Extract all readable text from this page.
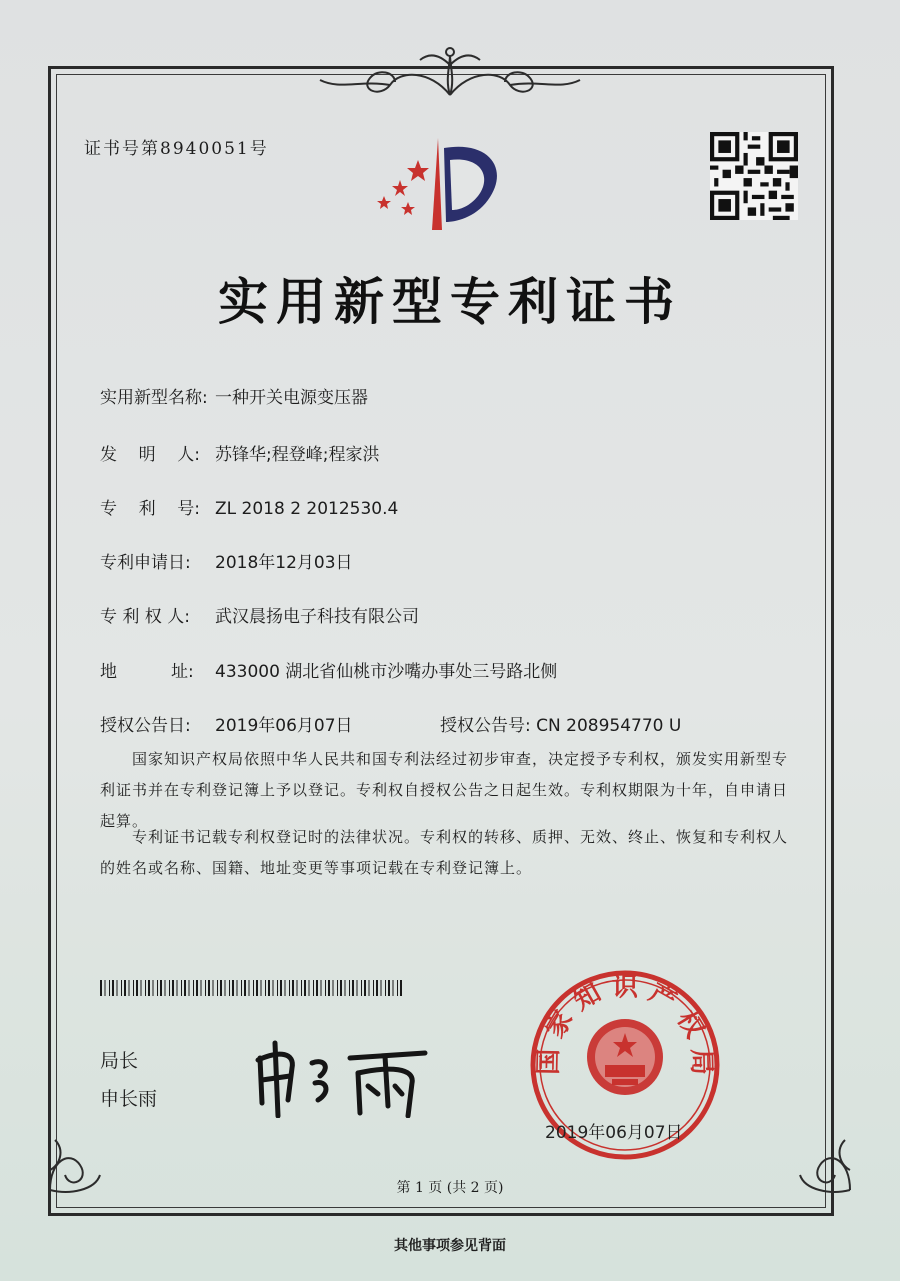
证书号第8940051号
实用新型专利证书
实用新型名称: 一种开关电源变压器
发    明    人: 苏锋华;程登峰;程家洪
专    利    号: ZL 2018 2 2012530.4
专利申请日: 2018年12月03日
专 利 权 人: 武汉晨扬电子科技有限公司
地          址: 433000 湖北省仙桃市沙嘴办事处三号路北侧
授权公告日: 2019年06月07日	授权公告号: CN 208954770 U
国家知识产权局依照中华人民共和国专利法经过初步审查，决定授予专利权，颁发实用新型专利证书并在专利登记簿上予以登记。专利权自授权公告之日起生效。专利权期限为十年，自申请日起算。
专利证书记载专利权登记时的法律状况。专利权的转移、质押、无效、终止、恢复和专利权人的姓名或名称、国籍、地址变更等事项记载在专利登记簿上。
局长
申长雨
国 家 知 识 产 权 局
2019年06月07日
第 1 页 (共 2 页)
其他事项参见背面
